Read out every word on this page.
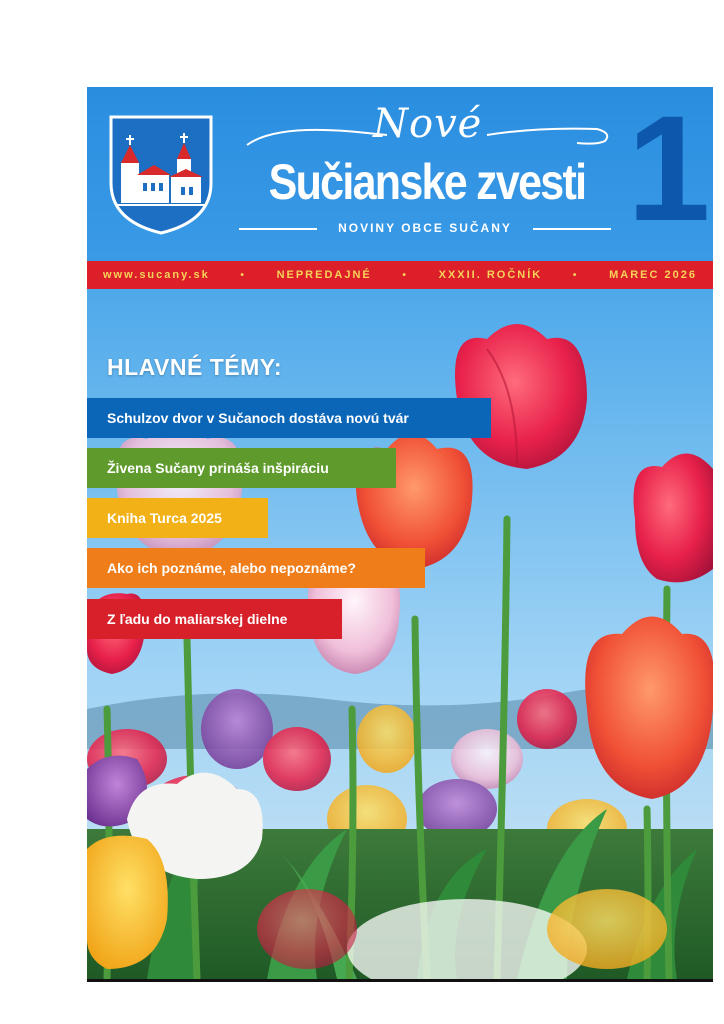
Nové
Sučianske zvesti
NOVINY OBCE SUČANY 1
www.sucany.sk	•	NEPREDAJNÉ	•	XXXII. ROČNÍK	•	MAREC 2026
HLAVNÉ TÉMY:
Schulzov dvor v Sučanoch dostáva novú tvár
Živena Sučany prináša inšpiráciu
Kniha Turca 2025
Ako ich poznáme, alebo nepoznáme?
Z ľadu do maliarskej dielne
